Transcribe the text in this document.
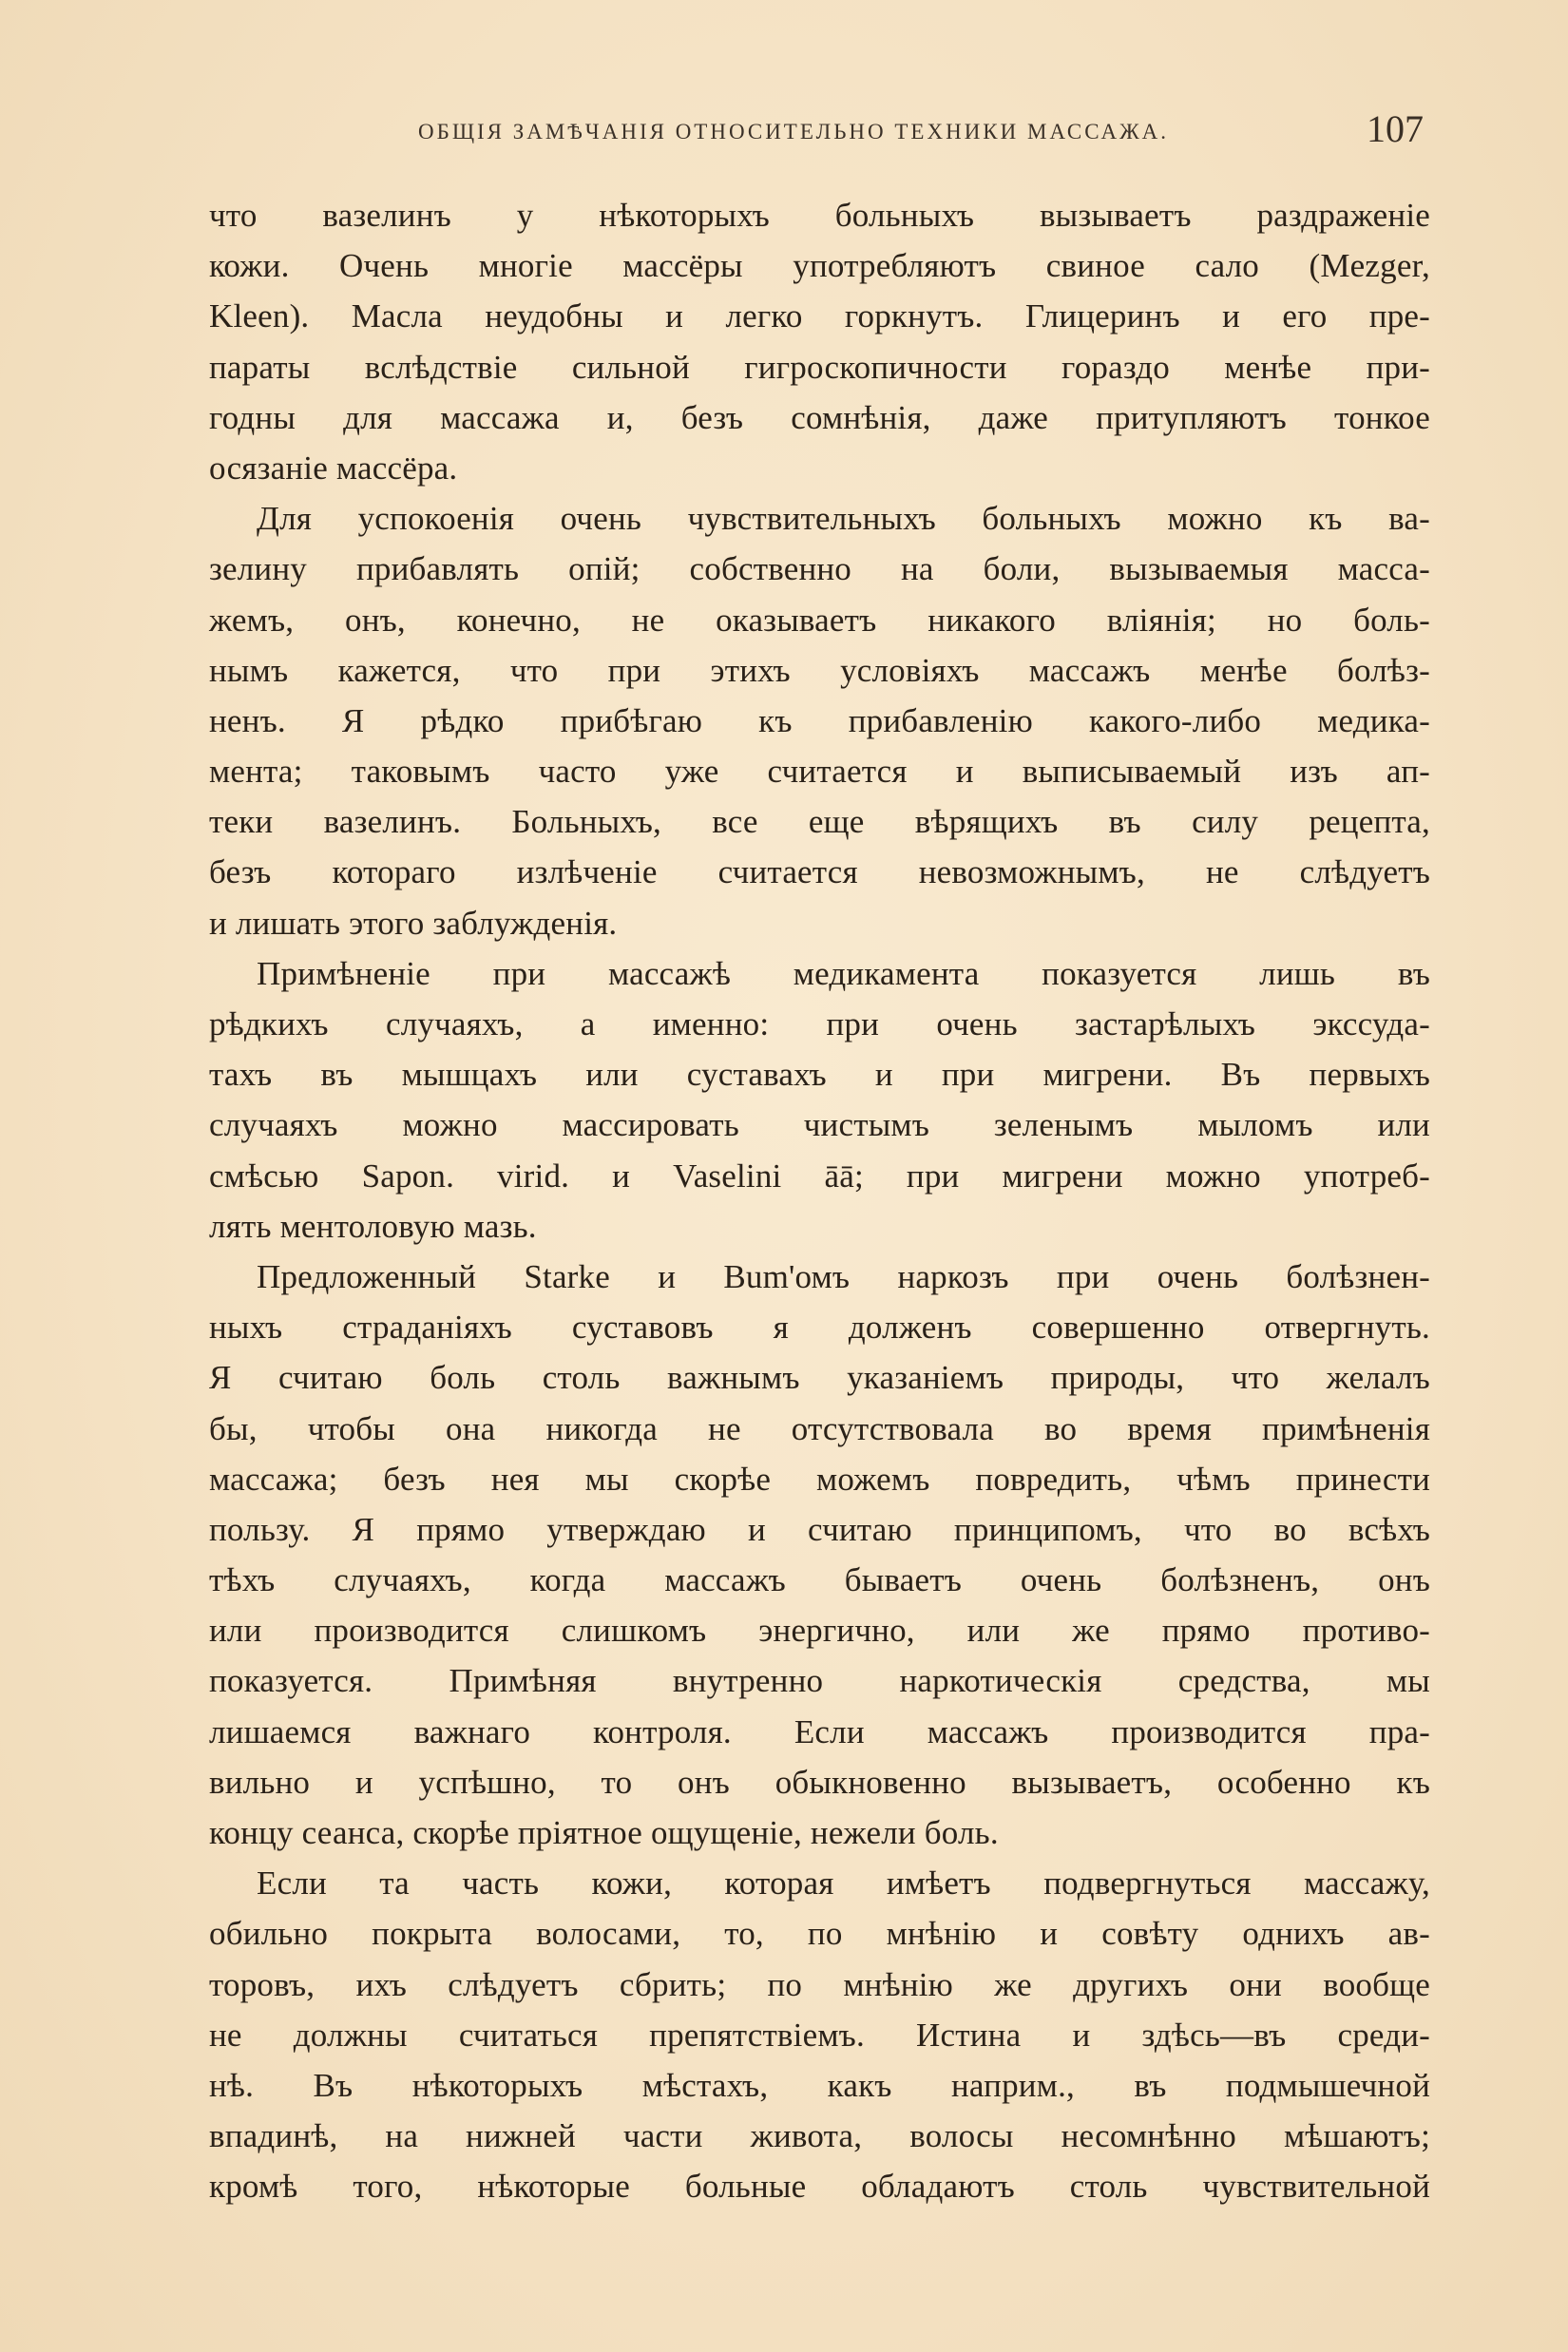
ОБЩІЯ ЗАМѢЧАНІЯ ОТНОСИТЕЛЬНО ТЕХНИКИ МАССАЖА.	107
что вазелинъ у нѣкоторыхъ больныхъ вызываетъ раздраженіе
кожи. Очень многіе массёры употребляютъ свиное сало (Mezger,
Kleen). Масла неудобны и легко горкнутъ. Глицеринъ и его пре-
параты вслѣдствіе сильной гигроскопичности гораздо менѣе при-
годны для массажа и, безъ сомнѣнія, даже притупляютъ тонкое
осязаніе массёра.
Для успокоенія очень чувствительныхъ больныхъ можно къ ва-
зелину прибавлять опій; собственно на боли, вызываемыя масса-
жемъ, онъ, конечно, не оказываетъ никакого вліянія; но боль-
нымъ кажется, что при этихъ условіяхъ массажъ менѣе болѣз-
ненъ. Я рѣдко прибѣгаю къ прибавленію какого-либо медика-
мента; таковымъ часто уже считается и выписываемый изъ ап-
теки вазелинъ. Больныхъ, все еще вѣрящихъ въ силу рецепта,
безъ котораго излѣченіе считается невозможнымъ, не слѣдуетъ
и лишать этого заблужденія.
Примѣненіе при массажѣ медикамента показуется лишь въ
рѣдкихъ случаяхъ, а именно: при очень застарѣлыхъ экссуда-
тахъ въ мышцахъ или суставахъ и при мигрени. Въ первыхъ
случаяхъ можно массировать чистымъ зеленымъ мыломъ или
смѣсью Sapon. virid. и Vaselini āā; при мигрени можно употреб-
лять ментоловую мазь.
Предложенный Starke и Bum'омъ наркозъ при очень болѣзнен-
ныхъ страданіяхъ суставовъ я долженъ совершенно отвергнуть.
Я считаю боль столь важнымъ указаніемъ природы, что желалъ
бы, чтобы она никогда не отсутствовала во время примѣненія
массажа; безъ нея мы скорѣе можемъ повредить, чѣмъ принести
пользу. Я прямо утверждаю и считаю принципомъ, что во всѣхъ
тѣхъ случаяхъ, когда массажъ бываетъ очень болѣзненъ, онъ
или производится слишкомъ энергично, или же прямо противо-
показуется. Примѣняя внутренно наркотическія средства, мы
лишаемся важнаго контроля. Если массажъ производится пра-
вильно и успѣшно, то онъ обыкновенно вызываетъ, особенно къ
концу сеанса, скорѣе пріятное ощущеніе, нежели боль.
Если та часть кожи, которая имѣетъ подвергнуться массажу,
обильно покрыта волосами, то, по мнѣнію и совѣту однихъ ав-
торовъ, ихъ слѣдуетъ сбрить; по мнѣнію же другихъ они вообще
не должны считаться препятствіемъ. Истина и здѣсь—въ среди-
нѣ. Въ нѣкоторыхъ мѣстахъ, какъ наприм., въ подмышечной
впадинѣ, на нижней части живота, волосы несомнѣнно мѣшаютъ;
кромѣ того, нѣкоторые больные обладаютъ столь чувствительной
